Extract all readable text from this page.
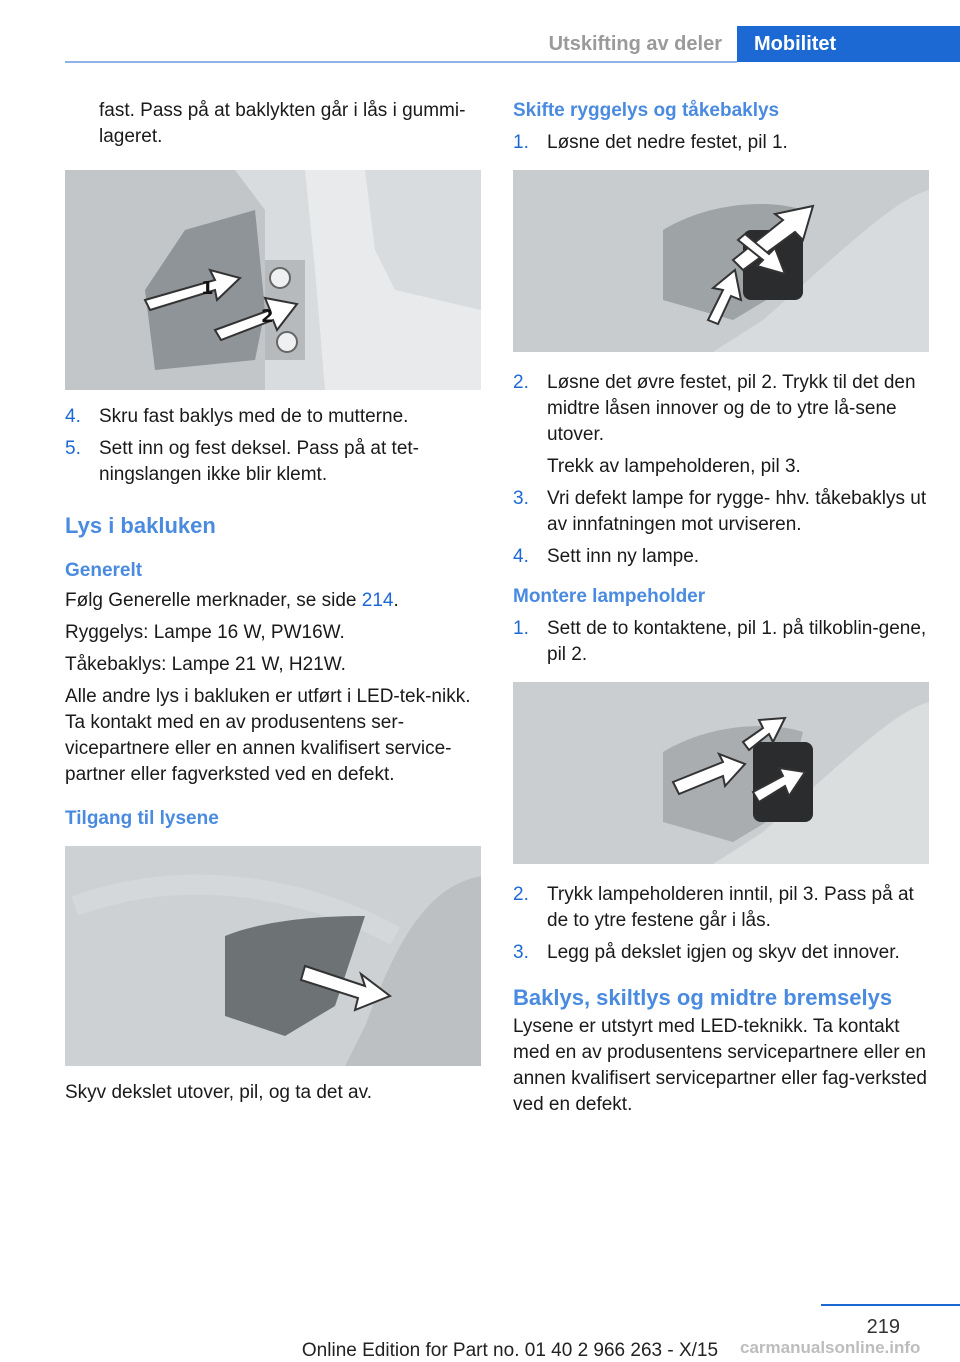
Utskifting av deler	Mobilitet

fast. Pass på at baklykten går i lås i gummi‐lageret.

1
2
4. Skru fast baklys med de to mutterne.
5. Sett inn og fest deksel. Pass på at tet‐ningslangen ikke blir klemt.
Lys i bakluken
Generelt

Følg Generelle merknader, se side 214.

Ryggelys: Lampe 16 W, PW16W.

Tåkebaklys: Lampe 21 W, H21W.

Alle andre lys i bakluken er utført i LED-tek‐nikk. Ta kontakt med en av produsentens ser‐vicepartnere eller en annen kvalifisert service‐partner eller fagverksted ved en defekt.

Tilgang til lysene

Skyv dekslet utover, pil, og ta det av.

Skifte ryggelys og tåkebaklys
1. Løsne det nedre festet, pil 1.
2. Løsne det øvre festet, pil 2. Trykk til det den midtre låsen innover og de to ytre lå‐sene utover.
Trekk av lampeholderen, pil 3.
3. Vri defekt lampe for rygge- hhv. tåkebaklys ut av innfatningen mot urviseren.
4. Sett inn ny lampe.
Montere lampeholder
1. Sett de to kontaktene, pil 1. på tilkoblin‐gene, pil 2.
2. Trykk lampeholderen inntil, pil 3. Pass på at de to ytre festene går i lås.
3. Legg på dekslet igjen og skyv det innover.
Baklys, skiltlys og midtre bremselys

Lysene er utstyrt med LED-teknikk. Ta kontakt med en av produsentens servicepartnere eller en annen kvalifisert servicepartner eller fag‐verksted ved en defekt.

219
Online Edition for Part no. 01 40 2 966 263 - X/15	carmanualsonline.info
